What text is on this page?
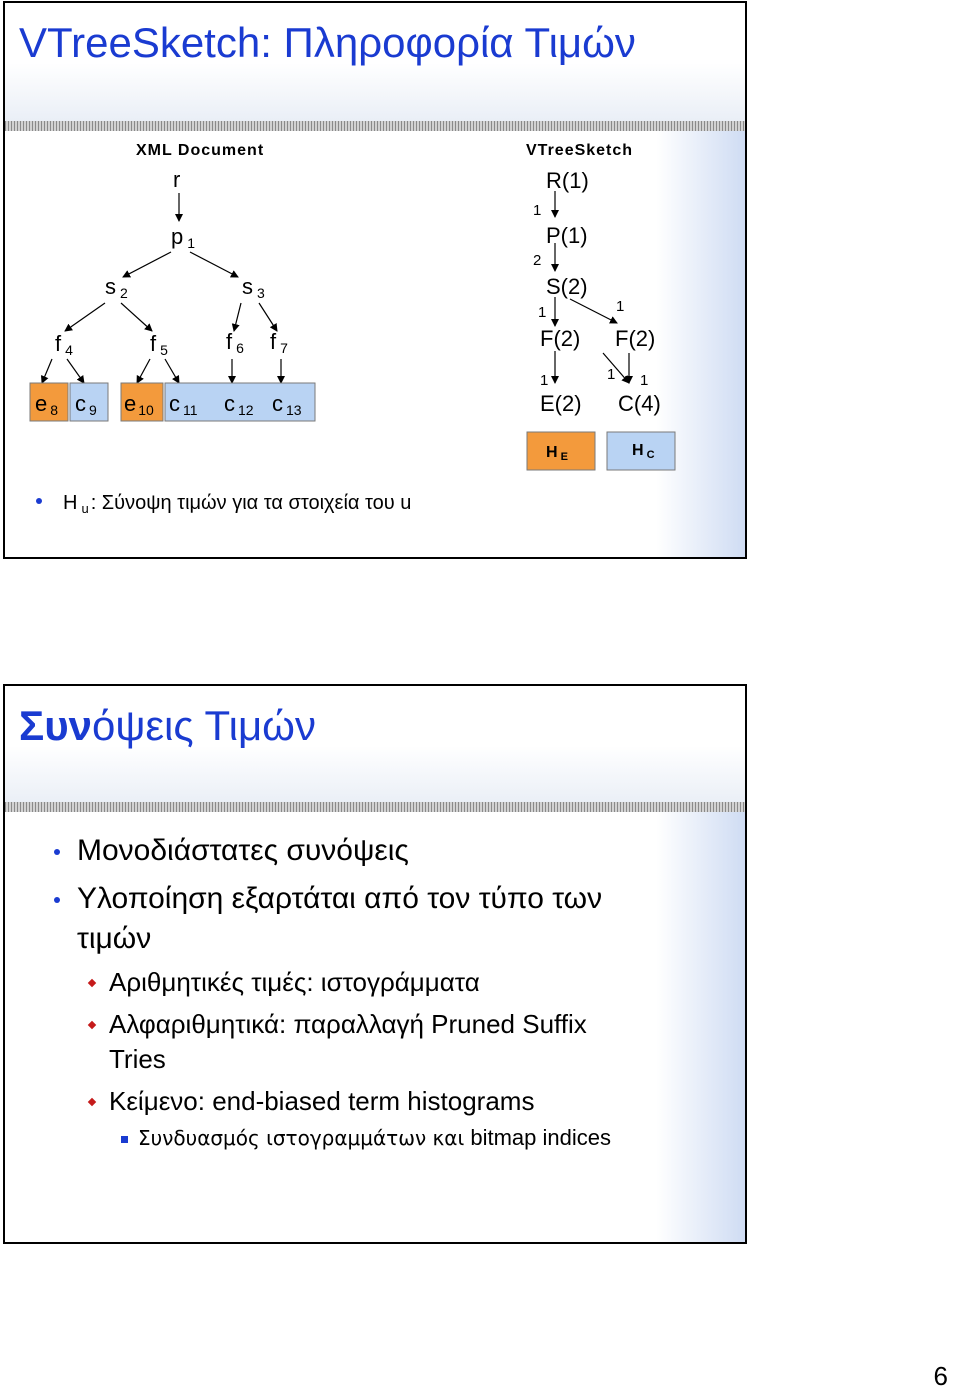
VTreeSketch: Πληροφορία Τιμών
XML Document	VTreeSketch
r
p 1
s 2	s 3
f 4	f 5	f 6 f 7
e 8 c 9 e 10 c 11 c 12 c 13
R(1)
P(1)
S(2)
F(2) F(2)
E(2) C(4)
1
2
1	1
1	1 1
H E	H C
H $_u$ : Σύνοψη τιμών για τα στοιχεία του u
Συνόψεις Τιμών
Μονοδιάστατες συνόψεις
Υλοποίηση εξαρτάται από τον τύπο των
τιμών
Αριθμητικές τιμές: ιστογράμματα
Αλφαριθμητικά: παραλλαγή Pruned Suffix
Tries
Κείμενο: end-biased term histograms
Συνδυασμός ιστογραμμάτων και bitmap indices
6
